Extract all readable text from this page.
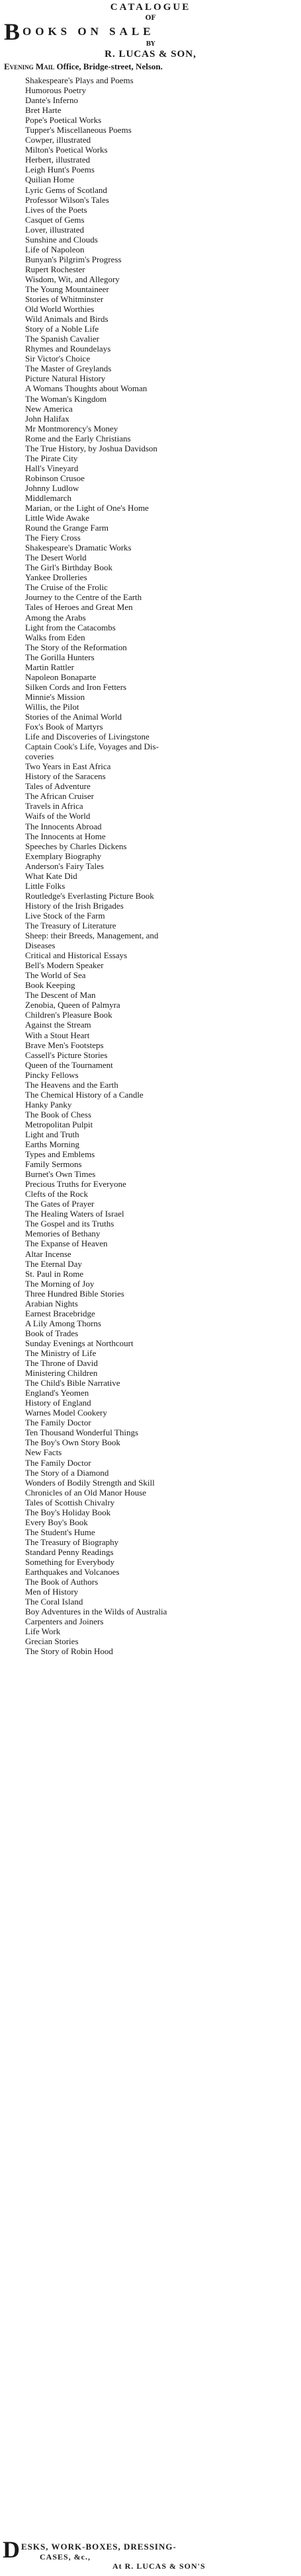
CATALOGUE
OF
B OOKS ON SALE
BY
R. LUCAS & SON,
Evening Mail Office, Bridge-street, Nelson.
Shakespeare's Plays and Poems
Humorous Poetry
Dante's Inferno
Bret Harte
Pope's Poetical Works
Tupper's Miscellaneous Poems
Cowper, illustrated
Milton's Poetical Works
Herbert, illustrated
Leigh Hunt's Poems
Quilian Home
Lyric Gems of Scotland
Professor Wilson's Tales
Lives of the Poets
Casquet of Gems
Lover, illustrated
Sunshine and Clouds
Life of Napoleon
Bunyan's Pilgrim's Progress
Rupert Rochester
Wisdom, Wit, and Allegory
The Young Mountaineer
Stories of Whitminster
Old World Worthies
Wild Animals and Birds
Story of a Noble Life
The Spanish Cavalier
Rhymes and Roundelays
Sir Victor's Choice
The Master of Greylands
Picture Natural History
A Womans Thoughts about Woman
The Woman's Kingdom
New America
John Halifax
Mr Montmorency's Money
Rome and the Early Christians
The True History, by Joshua Davidson
The Pirate City
Hall's Vineyard
Robinson Crusoe
Johnny Ludlow
Middlemarch
Marian, or the Light of One's Home
Little Wide Awake
Round the Grange Farm
The Fiery Cross
Shakespeare's Dramatic Works
The Desert World
The Girl's Birthday Book
Yankee Drolleries
The Cruise of the Frolic
Journey to the Centre of the Earth
Tales of Heroes and Great Men
Among the Arabs
Light from the Catacombs
Walks from Eden
The Story of the Reformation
The Gorilla Hunters
Martin Rattler
Napoleon Bonaparte
Silken Cords and Iron Fetters
Minnie's Mission
Willis, the Pilot
Stories of the Animal World
Fox's Book of Martyrs
Life and Discoveries of Livingstone
Captain Cook's Life, Voyages and Dis-
coveries
Two Years in East Africa
History of the Saracens
Tales of Adventure
The African Cruiser
Travels in Africa
Waifs of the World
The Innocents Abroad
The Innocents at Home
Speeches by Charles Dickens
Exemplary Biography
Anderson's Fairy Tales
What Kate Did
Little Folks
Routledge's Everlasting Picture Book
History of the Irish Brigades
Live Stock of the Farm
The Treasury of Literature
Sheep: their Breeds, Management, and
Diseases
Critical and Historical Essays
Bell's Modern Speaker
The World of Sea
Book Keeping
The Descent of Man
Zenobia, Queen of Palmyra
Children's Pleasure Book
Against the Stream
With a Stout Heart
Brave Men's Footsteps
Cassell's Picture Stories
Queen of the Tournament
Pincky Fellows
The Heavens and the Earth
The Chemical History of a Candle
Hanky Panky
The Book of Chess
Metropolitan Pulpit
Light and Truth
Earths Morning
Types and Emblems
Family Sermons
Burnet's Own Times
Precious Truths for Everyone
Clefts of the Rock
The Gates of Prayer
The Healing Waters of Israel
The Gospel and its Truths
Memories of Bethany
The Expanse of Heaven
Altar Incense
The Eternal Day
St. Paul in Rome
The Morning of Joy
Three Hundred Bible Stories
Arabian Nights
Earnest Bracebridge
A Lily Among Thorns
Book of Trades
Sunday Evenings at Northcourt
The Ministry of Life
The Throne of David
Ministering Children
The Child's Bible Narrative
England's Yeomen
History of England
Warnes Model Cookery
The Family Doctor
Ten Thousand Wonderful Things
The Boy's Own Story Book
New Facts
The Family Doctor
The Story of a Diamond
Wonders of Bodily Strength and Skill
Chronicles of an Old Manor House
Tales of Scottish Chivalry
The Boy's Holiday Book
Every Boy's Book
The Student's Hume
The Treasury of Biography
Standard Penny Readings
Something for Everybody
Earthquakes and Volcanoes
The Book of Authors
Men of History
The Coral Island
Boy Adventures in the Wilds of Australia
Carpenters and Joiners
Life Work
Grecian Stories
The Story of Robin Hood
D ESKS, WORK-BOXES, DRESSING-
CASES, &c.,
At R. LUCAS & SON'S
